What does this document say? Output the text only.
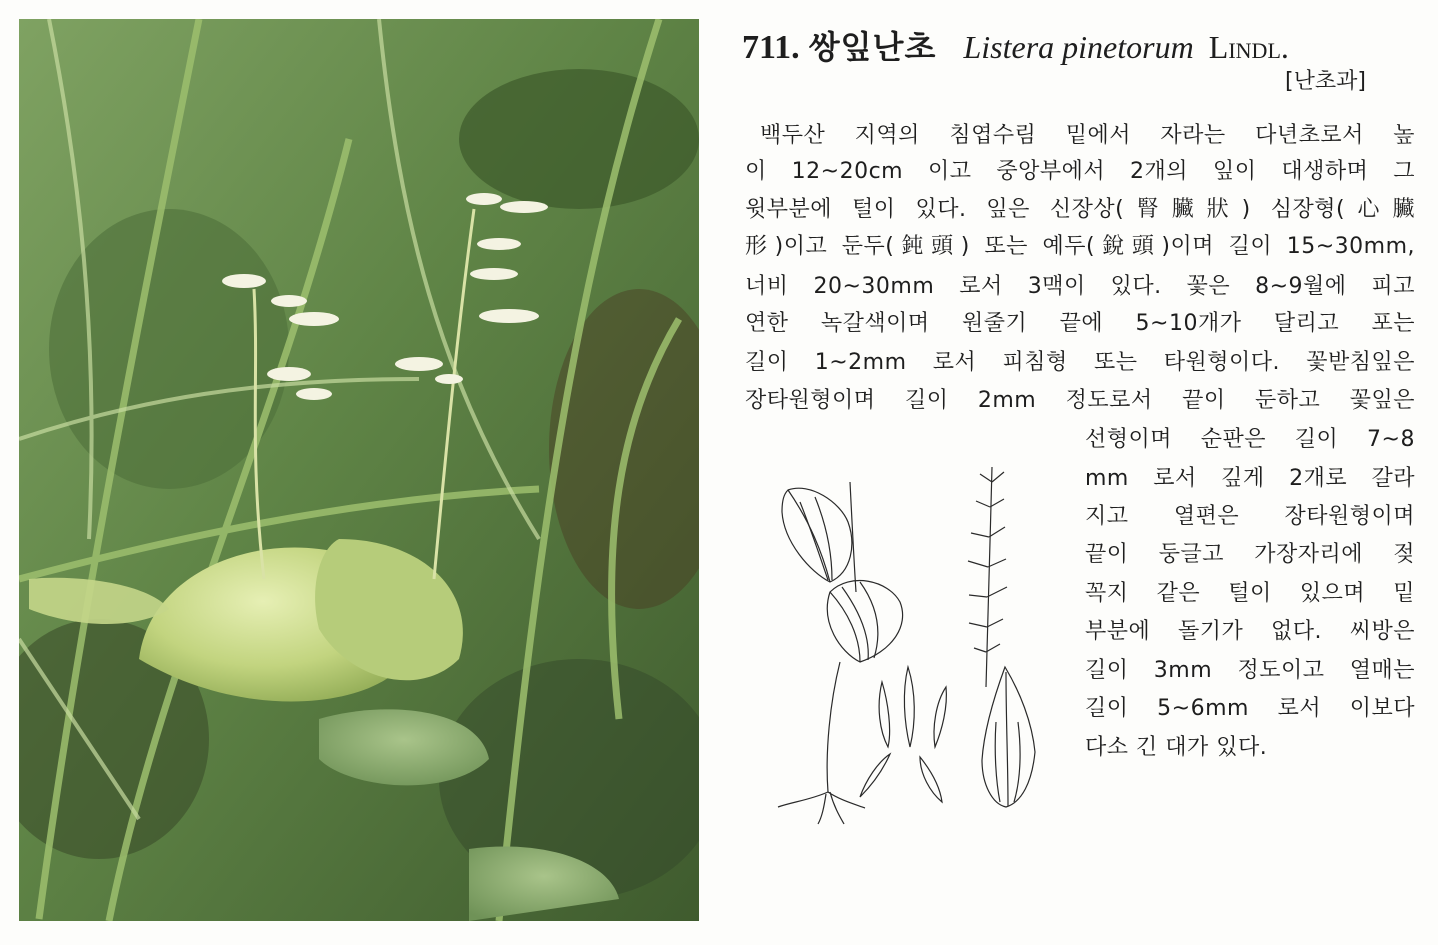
711. 쌍잎난초 Listera pinetorum Lindl.
[난초과]
백두산 지역의 침엽수림 밑에서 자라는 다년초로서 높
이 12~20cm 이고 중앙부에서 2개의 잎이 대생하며 그
윗부분에 털이 있다. 잎은 신장상(腎臟狀) 심장형(心臟
形)이고 둔두(鈍頭) 또는 예두(銳頭)이며 길이 15~30mm,
너비 20~30mm 로서 3맥이 있다. 꽃은 8~9월에 피고
연한 녹갈색이며 원줄기 끝에 5~10개가 달리고 포는
길이 1~2mm 로서 피침형 또는 타원형이다. 꽃받침잎은
장타원형이며 길이 2mm 정도로서 끝이 둔하고 꽃잎은
선형이며 순판은 길이 7~8
mm 로서 깊게 2개로 갈라
지고 열편은 장타원형이며
끝이 둥글고 가장자리에 젖
꼭지 같은 털이 있으며 밑
부분에 돌기가 없다. 씨방은
길이 3mm 정도이고 열매는
길이 5~6mm 로서 이보다
다소 긴 대가 있다.
